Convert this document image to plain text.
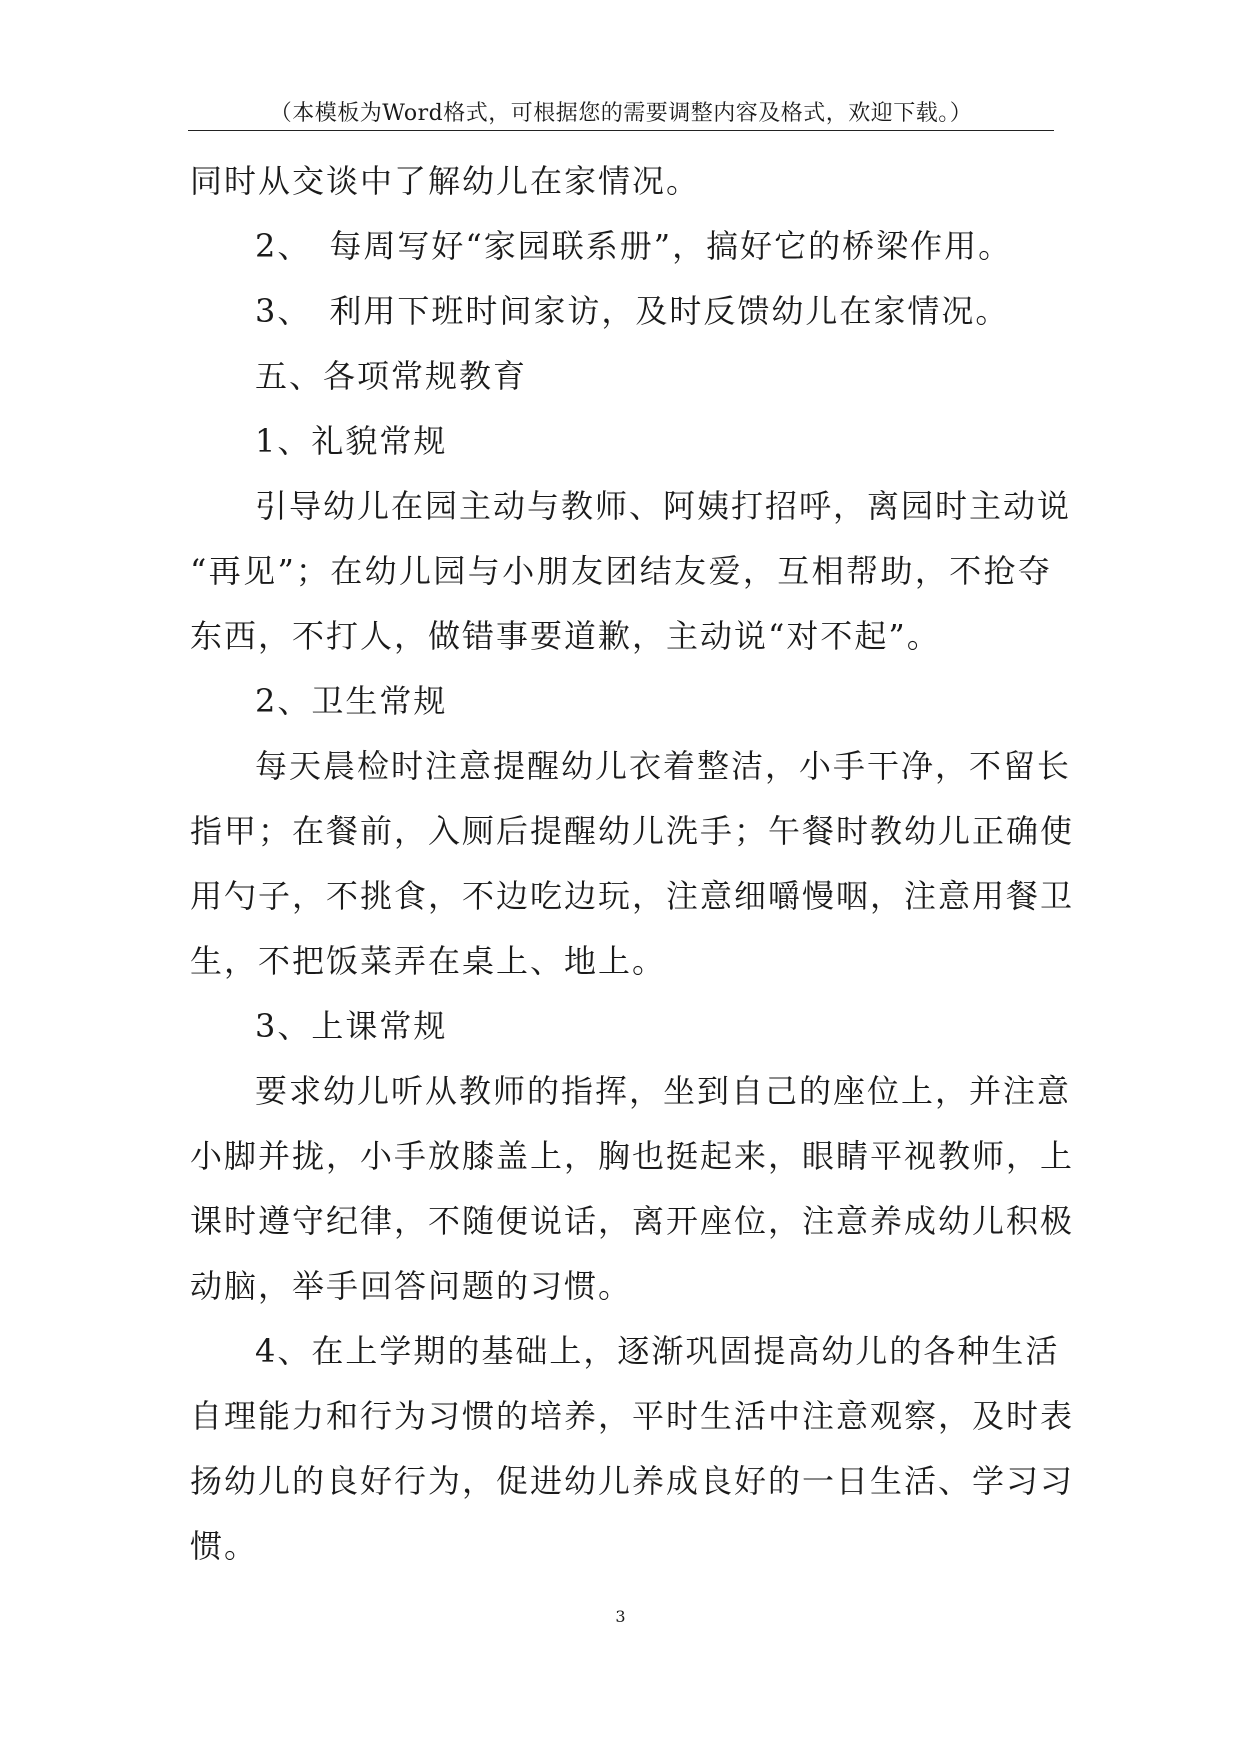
（本模板为Word格式，可根据您的需要调整内容及格式，欢迎下载。）
同时从交谈中了解幼儿在家情况。
2、　每周写好“家园联系册”，搞好它的桥梁作用。
3、　利用下班时间家访，及时反馈幼儿在家情况。
五、各项常规教育
1、礼貌常规
引导幼儿在园主动与教师、阿姨打招呼，离园时主动说
“再见”；在幼儿园与小朋友团结友爱，互相帮助，不抢夺
东西，不打人，做错事要道歉，主动说“对不起”。
2、卫生常规
每天晨检时注意提醒幼儿衣着整洁，小手干净，不留长
指甲；在餐前，入厕后提醒幼儿洗手；午餐时教幼儿正确使
用勺子，不挑食，不边吃边玩，注意细嚼慢咽，注意用餐卫
生，不把饭菜弄在桌上、地上。
3、上课常规
要求幼儿听从教师的指挥，坐到自己的座位上，并注意
小脚并拢，小手放膝盖上，胸也挺起来，眼睛平视教师，上
课时遵守纪律，不随便说话，离开座位，注意养成幼儿积极
动脑，举手回答问题的习惯。
4、在上学期的基础上，逐渐巩固提高幼儿的各种生活
自理能力和行为习惯的培养，平时生活中注意观察，及时表
扬幼儿的良好行为，促进幼儿养成良好的一日生活、学习习
惯。
3
